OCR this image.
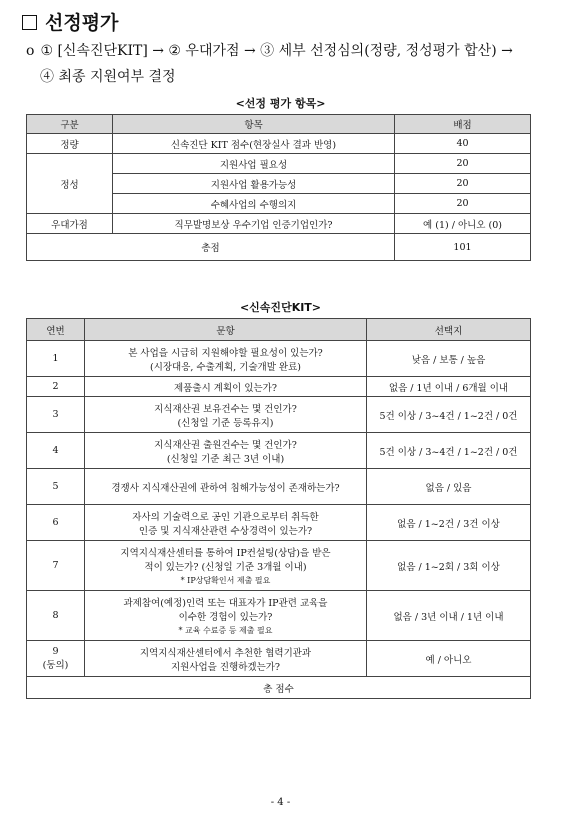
선정평가
o ① [신속진단KIT] → ② 우대가점 → ③ 세부 선정심의(정량, 정성평가 합산) →
④ 최종 지원여부 결정
<선정 평가 항목>
구분	항목	배점
정량	신속진단 KIT 점수(현장실사 결과 반영)	40
정성	지원사업 필요성	20
	지원사업 활용가능성	20
	수혜사업의 수행의지	20
우대가점	직무발명보상 우수기업 인증기업인가?	예 (1) / 아니오 (0)
총점		101
<신속진단KIT>
연번	문항	선택지
1	본 사업을 시급히 지원해야할 필요성이 있는가?
(시장대응, 수출계획, 기술개발 완료)	낮음 / 보통 / 높음
2	제품출시 계획이 있는가?	없음 / 1년 이내 / 6개월 이내
3	지식재산권 보유건수는 몇 건인가?
(신청일 기준 등록유지)	5건 이상 / 3~4건 / 1~2건 / 0건
4	지식재산권 출원건수는 몇 건인가?
(신청일 기준 최근 3년 이내)	5건 이상 / 3~4건 / 1~2건 / 0건
5	경쟁사 지식재산권에 관하여 침해가능성이 존재하는가?	없음 / 있음
6	자사의 기술력으로 공인 기관으로부터 취득한
인증 및 지식재산관련 수상경력이 있는가?	없음 / 1~2건 / 3건 이상
7	지역지식재산센터를 통하여 IP컨설팅(상담)을 받은
적이 있는가? (신청일 기준 3개월 이내)
* IP상담확인서 제출 필요	없음 / 1~2회 / 3회 이상
8	과제참여(예정)인력 또는 대표자가 IP관련 교육을
이수한 경험이 있는가?
* 교육 수료증 등 제출 필요	없음 / 3년 이내 / 1년 이내
9
(동의)	지역지식재산센터에서 추천한 협력기관과
지원사업을 진행하겠는가?	예 / 아니오
총 점수		
- 4 -
